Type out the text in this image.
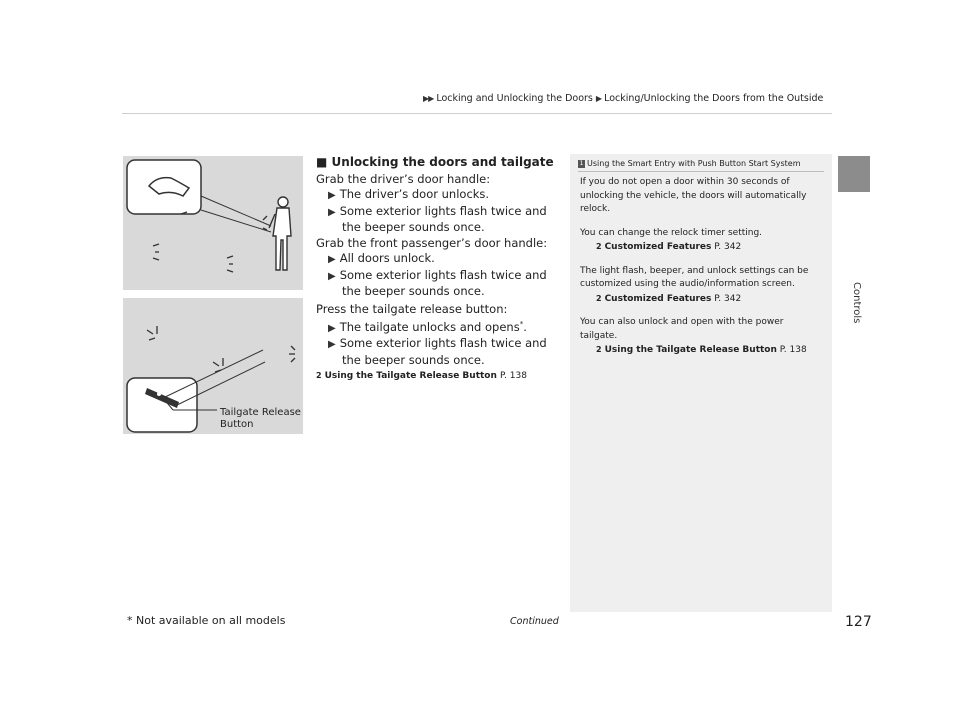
▶▶ Locking and Unlocking the Doors ▶ Locking/Unlocking the Doors from the Outside
Controls
Tailgate Release
Button
■ Unlocking the doors and tailgate

Grab the driver’s door handle:

▶ The driver’s door unlocks.

▶ Some exterior lights flash twice and the beeper sounds once.

Grab the front passenger’s door handle:

▶ All doors unlock.

▶ Some exterior lights flash twice and the beeper sounds once.

Press the tailgate release button:

▶ The tailgate unlocks and opens*.

▶ Some exterior lights flash twice and the beeper sounds once.

2 Using the Tailgate Release Button P. 138

1 Using the Smart Entry with Push Button Start System

If you do not open a door within 30 seconds of unlocking the vehicle, the doors will automatically relock.

You can change the relock timer setting.

2 Customized Features P. 342

The light flash, beeper, and unlock settings can be customized using the audio/information screen.

2 Customized Features P. 342

You can also unlock and open with the power tailgate.

2 Using the Tailgate Release Button P. 138

* Not available on all models	Continued	127
